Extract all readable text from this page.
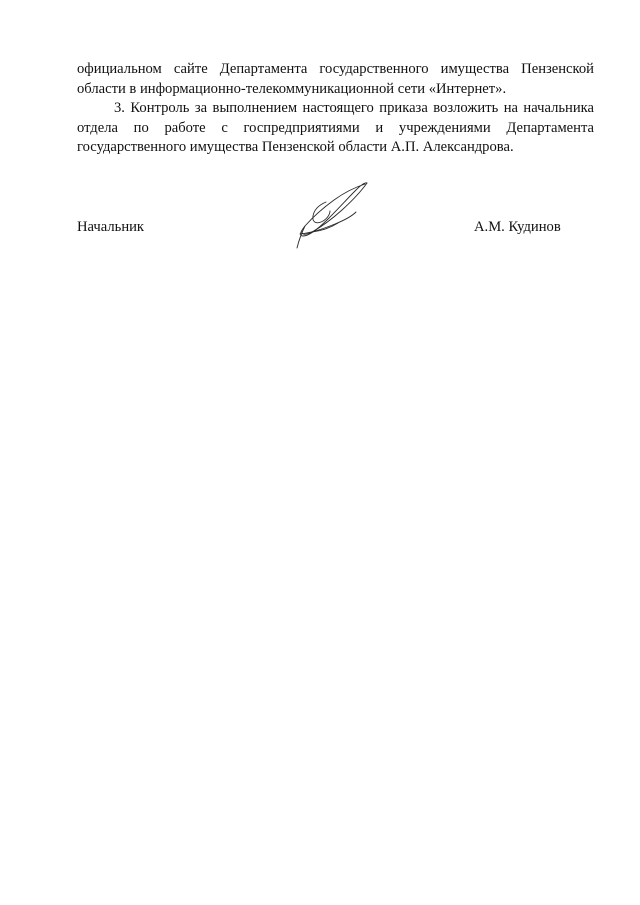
официальном сайте Департамента государственного имущества Пензенской области в информационно-телекоммуникационной сети «Интернет».

3. Контроль за выполнением настоящего приказа возложить на начальника отдела по работе с госпредприятиями и учреждениями Департамента государственного имущества Пензенской области А.П. Александрова.

Начальник	А.М. Кудинов
